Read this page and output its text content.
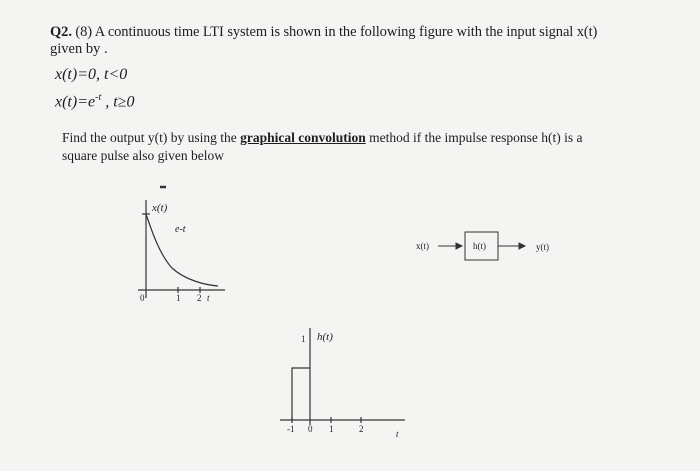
Q2. (8) A continuous time LTI system is shown in the following figure with the input signal x(t)
given by .
x(t)=0, t<0
$x(t)=e^{-t}$ , t≥0
Find the output y(t) by using the graphical convolution method if the impulse response h(t) is a
square pulse also given below
x(t)
e-t
0	1 2 t
x(t)	h(t)	y(t)
1 h(t)
-1 0 1	2	t
